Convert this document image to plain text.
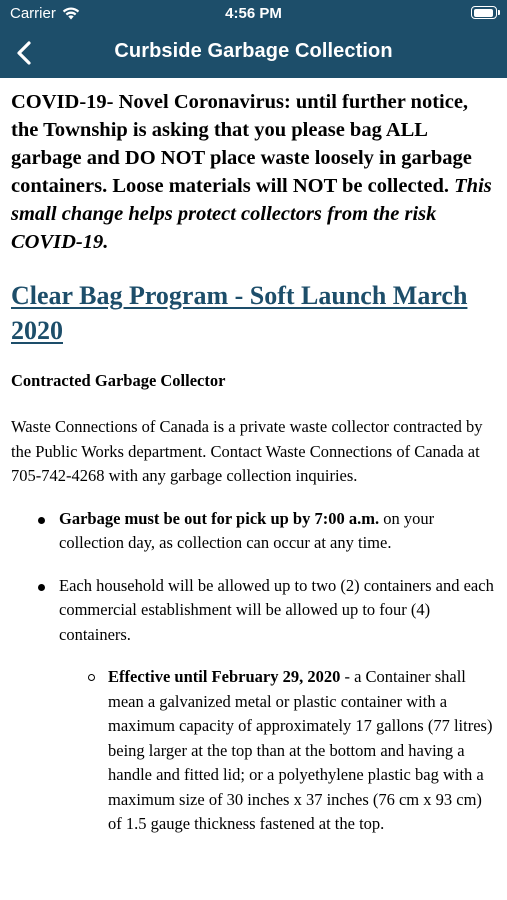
Carrier	4:56 PM
Curbside Garbage Collection

COVID-19- Novel Coronavirus: until further notice, the Township is asking that you please bag ALL garbage and DO NOT place waste loosely in garbage containers. Loose materials will NOT be collected. This small change helps protect collectors from the risk COVID-19.

Clear Bag Program - Soft Launch March 2020
Contracted Garbage Collector

Waste Connections of Canada is a private waste collector contracted by the Public Works department. Contact Waste Connections of Canada at 705-742-4268 with any garbage collection inquiries.

Garbage must be out for pick up by 7:00 a.m. on your collection day, as collection can occur at any time.
Each household will be allowed up to two (2) containers and each commercial establishment will be allowed up to four (4) containers.
Effective until February 29, 2020 - a Container shall mean a galvanized metal or plastic container with a maximum capacity of approximately 17 gallons (77 litres) being larger at the top than at the bottom and having a handle and fitted lid; or a polyethylene plastic bag with a maximum size of 30 inches x 37 inches (76 cm x 93 cm) of 1.5 gauge thickness fastened at the top.
